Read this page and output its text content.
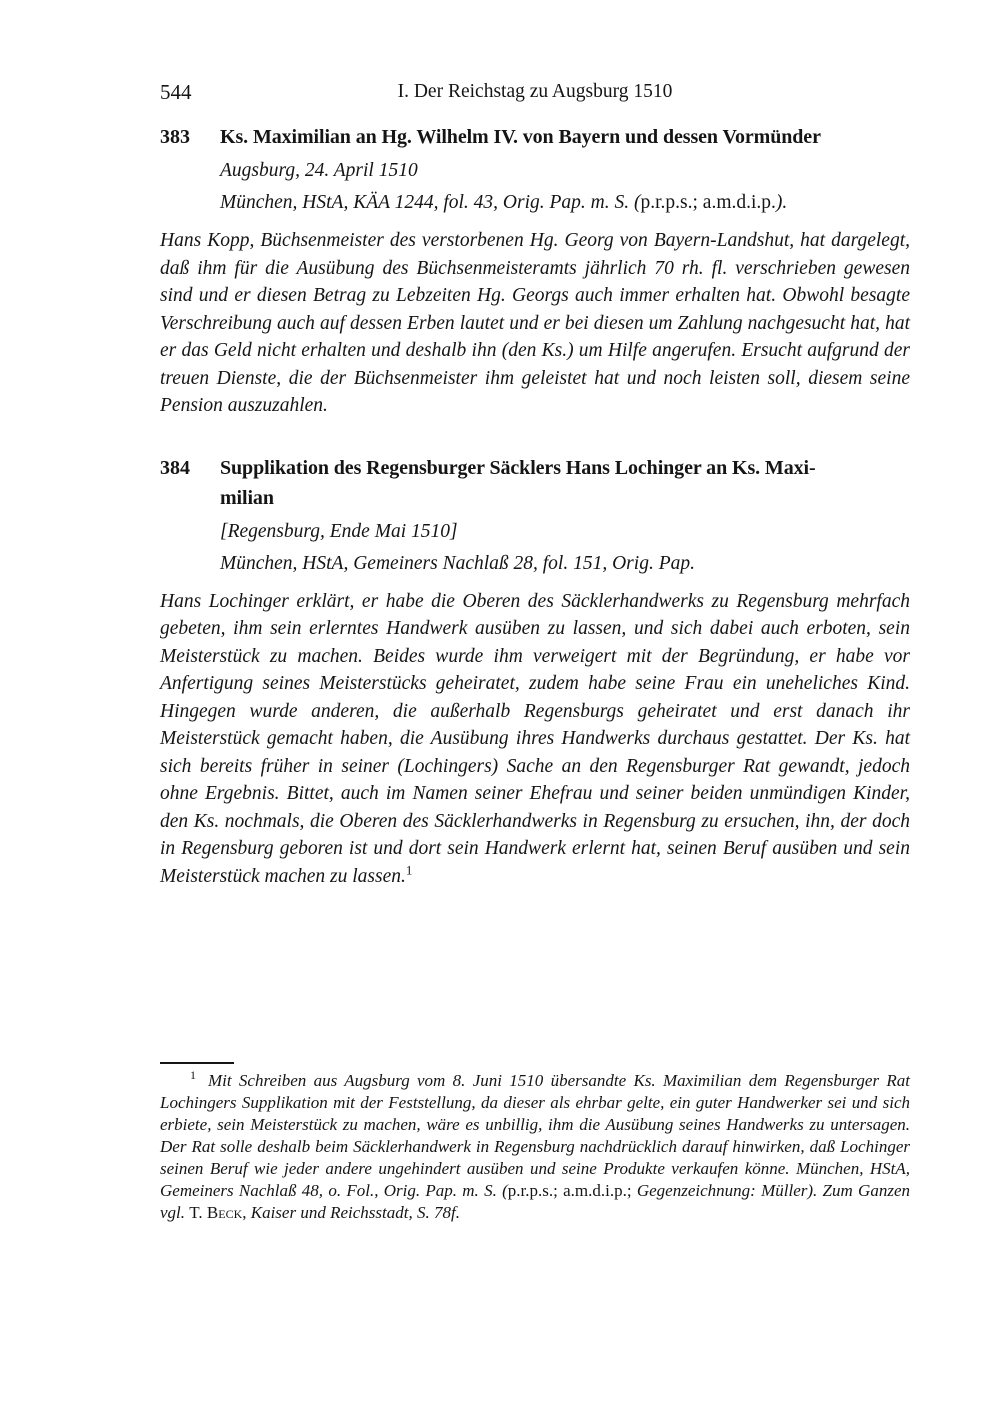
544	I. Der Reichstag zu Augsburg 1510
383	Ks. Maximilian an Hg. Wilhelm IV. von Bayern und dessen Vormünder

Augsburg, 24. April 1510

München, HStA, KÄA 1244, fol. 43, Orig. Pap. m. S. (p.r.p.s.; a.m.d.i.p.).

Hans Kopp, Büchsenmeister des verstorbenen Hg. Georg von Bayern-Landshut, hat dargelegt, daß ihm für die Ausübung des Büchsenmeisteramts jährlich 70 rh. fl. verschrieben gewesen sind und er diesen Betrag zu Lebzeiten Hg. Georgs auch immer erhalten hat. Obwohl besagte Verschreibung auch auf dessen Erben lautet und er bei diesen um Zahlung nachgesucht hat, hat er das Geld nicht erhalten und deshalb ihn (den Ks.) um Hilfe angerufen. Ersucht aufgrund der treuen Dienste, die der Büchsenmeister ihm geleistet hat und noch leisten soll, diesem seine Pension auszuzahlen.

384	Supplikation des Regensburger Säcklers Hans Lochinger an Ks. Maxi-
milian

[Regensburg, Ende Mai 1510]

München, HStA, Gemeiners Nachlaß 28, fol. 151, Orig. Pap.

Hans Lochinger erklärt, er habe die Oberen des Säcklerhandwerks zu Regensburg mehrfach gebeten, ihm sein erlerntes Handwerk ausüben zu lassen, und sich dabei auch erboten, sein Meisterstück zu machen. Beides wurde ihm verweigert mit der Begründung, er habe vor Anfertigung seines Meisterstücks geheiratet, zudem habe seine Frau ein uneheliches Kind. Hingegen wurde anderen, die außerhalb Regensburgs geheiratet und erst danach ihr Meisterstück gemacht haben, die Ausübung ihres Handwerks durchaus gestattet. Der Ks. hat sich bereits früher in seiner (Lochingers) Sache an den Regensburger Rat gewandt, jedoch ohne Ergebnis. Bittet, auch im Namen seiner Ehefrau und seiner beiden unmündigen Kinder, den Ks. nochmals, die Oberen des Säcklerhandwerks in Regensburg zu ersuchen, ihn, der doch in Regensburg geboren ist und dort sein Handwerk erlernt hat, seinen Beruf ausüben und sein Meisterstück machen zu lassen.$^1$

$^1$ Mit Schreiben aus Augsburg vom 8. Juni 1510 übersandte Ks. Maximilian dem Regensburger Rat Lochingers Supplikation mit der Feststellung, da dieser als ehrbar gelte, ein guter Handwerker sei und sich erbiete, sein Meisterstück zu machen, wäre es unbillig, ihm die Ausübung seines Handwerks zu untersagen. Der Rat solle deshalb beim Säcklerhandwerk in Regensburg nachdrücklich darauf hinwirken, daß Lochinger seinen Beruf wie jeder andere ungehindert ausüben und seine Produkte verkaufen könne. München, HStA, Gemeiners Nachlaß 48, o. Fol., Orig. Pap. m. S. (p.r.p.s.; a.m.d.i.p.; Gegenzeichnung: Müller). Zum Ganzen vgl. T. Beck, Kaiser und Reichsstadt, S. 78f.
